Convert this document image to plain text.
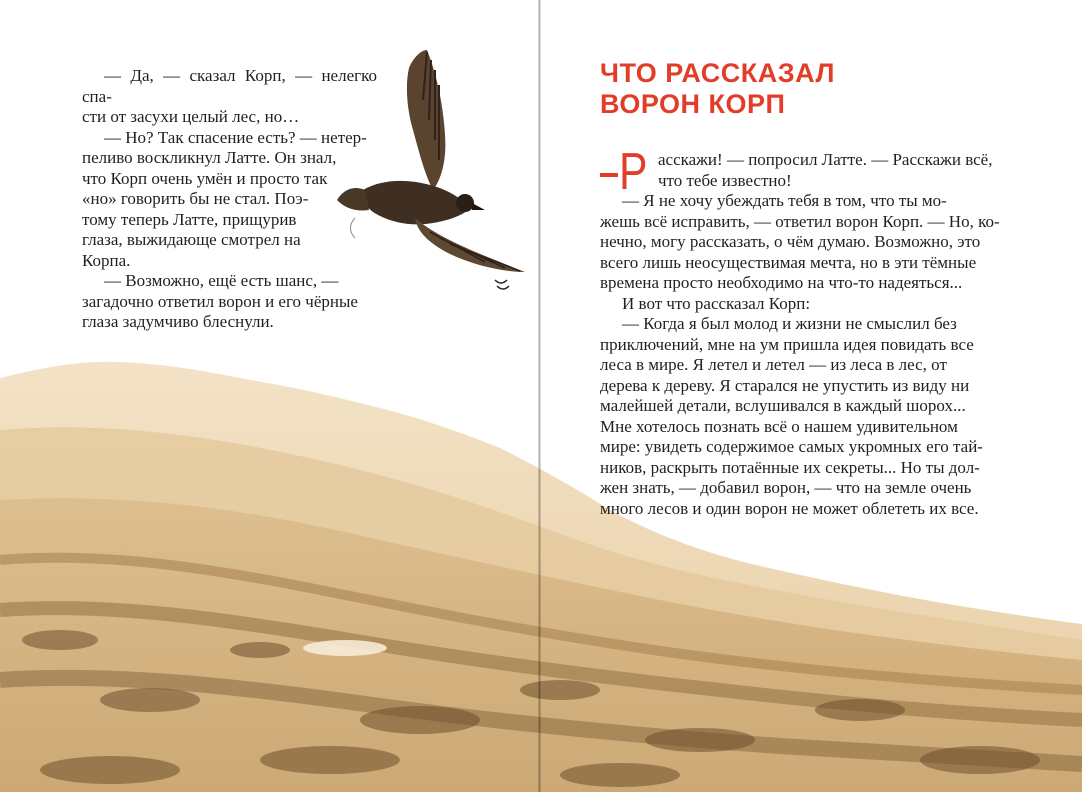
— Да, — сказал Корп, — нелегко спа-
сти от засухи целый лес, но…

— Но? Так спасение есть? — нетер-
пеливо воскликнул Латте. Он знал,
что Корп очень умён и просто так
«но» говорить бы не стал. Поэ-
тому теперь Латте, прищурив
глаза, выжидающе смотрел на
Корпа.

— Возможно, ещё есть шанс, —
загадочно ответил ворон и его чёрные
глаза задумчиво блеснули.

ЧТО РАССКАЗАЛ
ВОРОН КОРП
Р асскажи! — попросил Латте. — Расскажи всё,
что тебе известно!

— Я не хочу убеждать тебя в том, что ты мо-
жешь всё исправить, — ответил ворон Корп. — Но, ко-
нечно, могу рассказать, о чём думаю. Возможно, это
всего лишь неосуществимая мечта, но в эти тёмные
времена просто необходимо на что-то надеяться...

И вот что рассказал Корп:

— Когда я был молод и жизни не смыслил без
приключений, мне на ум пришла идея повидать все
леса в мире. Я летел и летел — из леса в лес, от
дерева к дереву. Я старался не упустить из виду ни
малейшей детали, вслушивался в каждый шорох...
Мне хотелось познать всё о нашем удивительном
мире: увидеть содержимое самых укромных его тай-
ников, раскрыть потаённые их секреты... Но ты дол-
жен знать, — добавил ворон, — что на земле очень
много лесов и один ворон не может облететь их все.
